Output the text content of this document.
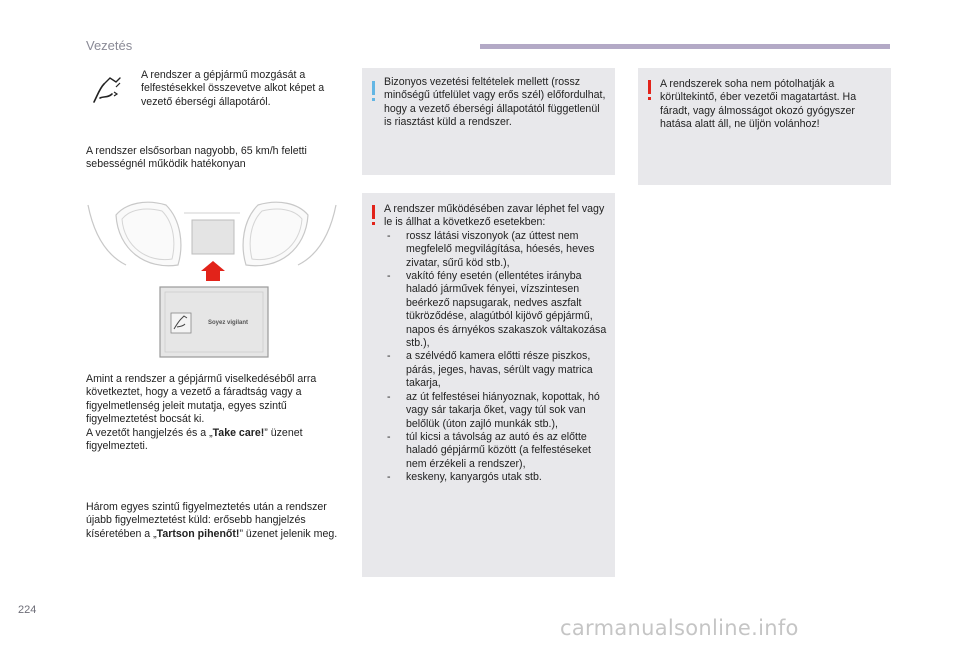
Vezetés
A rendszer a gépjármű mozgását a felfestésekkel összevetve alkot képet a vezető éberségi állapotáról.
A rendszer elsősorban nagyobb, 65 km/h feletti sebességnél működik hatékonyan
Soyez vigilant
Amint a rendszer a gépjármű viselkedéséből arra következtet, hogy a vezető a fáradtság vagy a figyelmetlenség jeleit mutatja, egyes szintű figyelmeztetést bocsát ki.
A vezetőt hangjelzés és a „Take care!” üzenet figyelmezteti.
Három egyes szintű figyelmeztetés után a rendszer újabb figyelmeztetést küld: erősebb hangjelzés kíséretében a „Tartson pihenőt!” üzenet jelenik meg.
Bizonyos vezetési feltételek mellett (rossz minőségű útfelület vagy erős szél) előfordulhat, hogy a vezető éberségi állapotától függetlenül is riasztást küld a rendszer.
A rendszer működésében zavar léphet fel vagy le is állhat a következő esetekben:
- rossz látási viszonyok (az úttest nem megfelelő megvilágítása, hóesés, heves zivatar, sűrű köd stb.),
- vakító fény esetén (ellentétes irányba haladó járművek fényei, vízszintesen beérkező napsugarak, nedves aszfalt tükröződése, alagútból kijövő gépjármű, napos és árnyékos szakaszok váltakozása stb.),
- a szélvédő kamera előtti része piszkos, párás, jeges, havas, sérült vagy matrica takarja,
- az út felfestései hiányoznak, kopottak, hó vagy sár takarja őket, vagy túl sok van belőlük (úton zajló munkák stb.),
- túl kicsi a távolság az autó és az előtte haladó gépjármű között (a felfestéseket nem érzékeli a rendszer),
- keskeny, kanyargós utak stb.
A rendszerek soha nem pótolhatják a körültekintő, éber vezetői magatartást. Ha fáradt, vagy álmosságot okozó gyógyszer hatása alatt áll, ne üljön volánhoz!
224
carmanualsonline.info
